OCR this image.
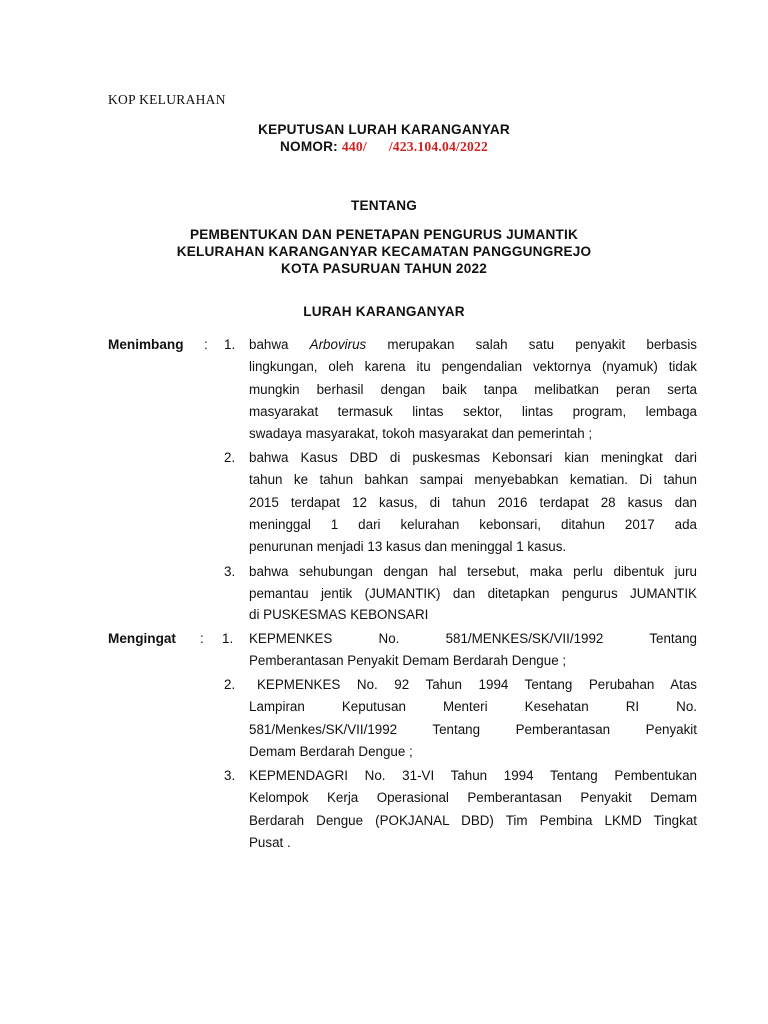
KOP KELURAHAN
KEPUTUSAN LURAH KARANGANYAR
NOMOR: 440/ /423.104.04/2022
TENTANG
PEMBENTUKAN DAN PENETAPAN PENGURUS JUMANTIK
KELURAHAN KARANGANYAR KECAMATAN PANGGUNGREJO
KOTA PASURUAN TAHUN 2022
LURAH KARANGANYAR
Menimbang : 1. bahwa Arbovirus merupakan salah satu penyakit berbasis
lingkungan, oleh karena itu pengendalian vektornya (nyamuk) tidak
mungkin berhasil dengan baik tanpa melibatkan peran serta
masyarakat termasuk lintas sektor, lintas program, lembaga
swadaya masyarakat, tokoh masyarakat dan pemerintah ;
2. bahwa Kasus DBD di puskesmas Kebonsari kian meningkat dari
tahun ke tahun bahkan sampai menyebabkan kematian. Di tahun
2015 terdapat 12 kasus, di tahun 2016 terdapat 28 kasus dan
meninggal 1 dari kelurahan kebonsari, ditahun 2017 ada
penurunan menjadi 13 kasus dan meninggal 1 kasus.
3. bahwa sehubungan dengan hal tersebut, maka perlu dibentuk juru
pemantau jentik (JUMANTIK) dan ditetapkan pengurus JUMANTIK
di PUSKESMAS KEBONSARI
Mengingat : 1. KEPMENKES No. 581/MENKES/SK/VII/1992 Tentang
Pemberantasan Penyakit Demam Berdarah Dengue ;
2.	KEPMENKES No. 92 Tahun 1994 Tentang Perubahan Atas
Lampiran Keputusan Menteri Kesehatan RI No.
581/Menkes/SK/VII/1992 Tentang Pemberantasan Penyakit
Demam Berdarah Dengue ;
3. KEPMENDAGRI No. 31-VI Tahun 1994 Tentang Pembentukan
Kelompok Kerja Operasional Pemberantasan Penyakit Demam
Berdarah Dengue (POKJANAL DBD) Tim Pembina LKMD Tingkat
Pusat .
